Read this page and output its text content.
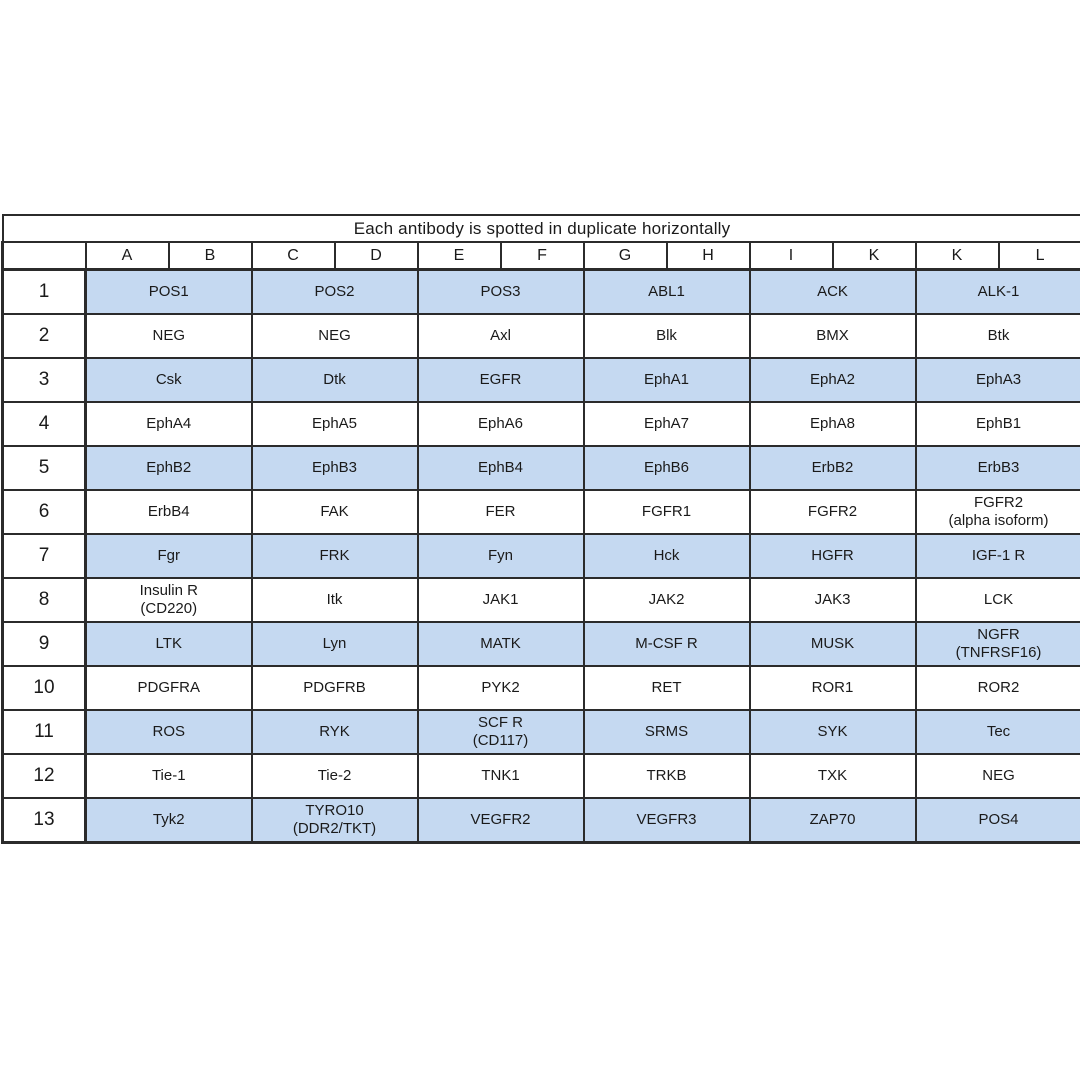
Each antibody is spotted in duplicate horizontally												
	A	B	C	D	E	F	G	H	I	K	K	L
1	POS1		POS2		POS3		ABL1		ACK		ALK-1	

2	NEG		NEG		Axl		Blk		BMX		Btk	

3	Csk		Dtk		EGFR		EphA1		EphA2		EphA3	

4	EphA4		EphA5		EphA6		EphA7		EphA8		EphB1	

5	EphB2		EphB3		EphB4		EphB6		ErbB2		ErbB3	

6	ErbB4		FAK		FER		FGFR1		FGFR2		FGFR2
(alpha isoform)	

7	Fgr		FRK		Fyn		Hck		HGFR		IGF-1 R	

8	Insulin R
(CD220)		Itk		JAK1		JAK2		JAK3		LCK	

9	LTK		Lyn		MATK		M-CSF R		MUSK		NGFR
(TNFRSF16)	

10	PDGFRA		PDGFRB		PYK2		RET		ROR1		ROR2	

11	ROS		RYK		SCF R
(CD117)		SRMS		SYK		Tec	

12	Tie-1		Tie-2		TNK1		TRKB		TXK		NEG	

13	Tyk2		TYRO10
(DDR2/TKT)		VEGFR2		VEGFR3		ZAP70		POS4	
